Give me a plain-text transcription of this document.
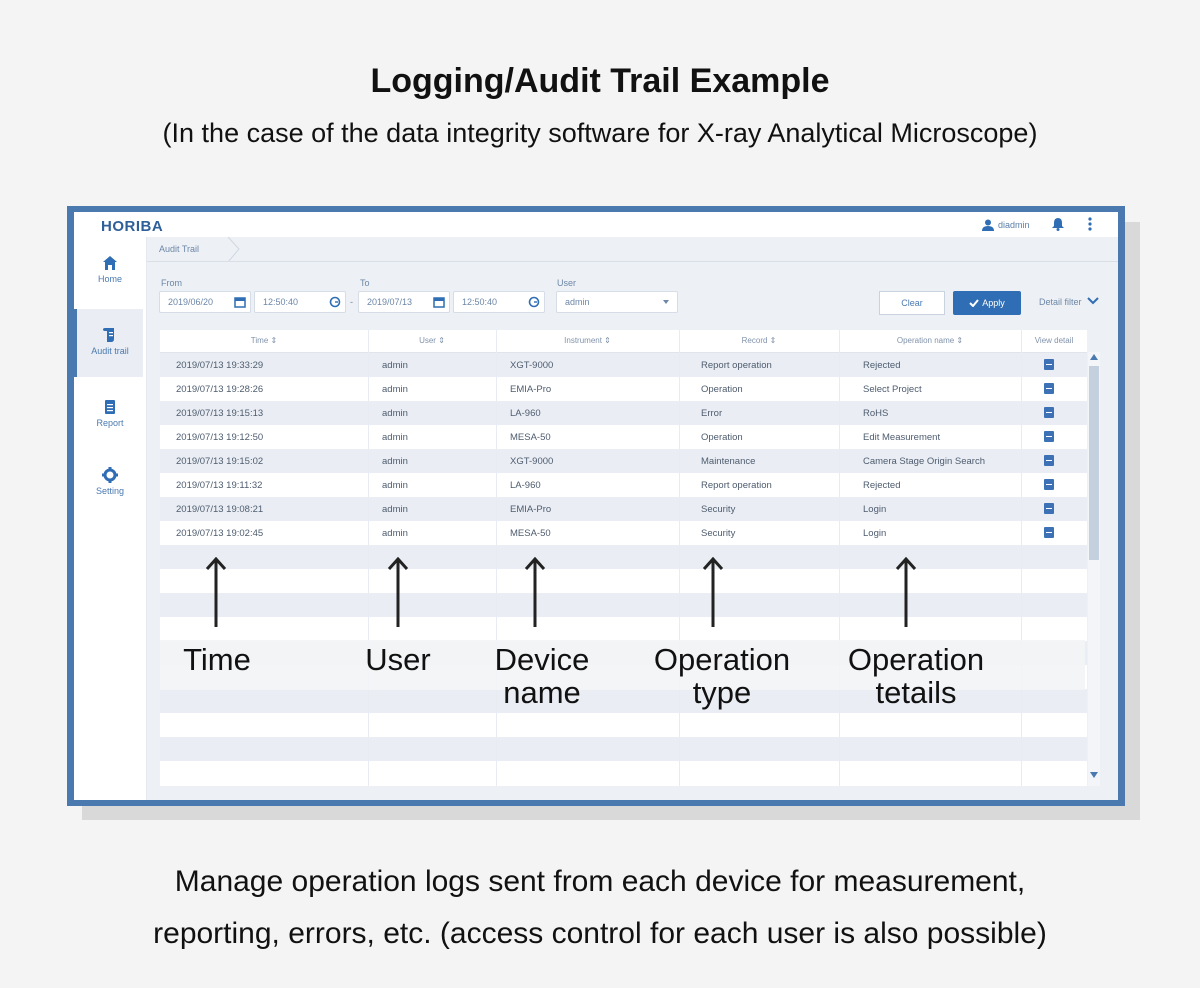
Logging/Audit Trail Example
(In the case of the data integrity software for X-ray Analytical Microscope)
HORIBA	diadmin
Home
Audit trail
Report
Setting
Audit Trail
From
2019/06/20	12:50:40	-
To
2019/07/13	12:50:40
User
admin	Clear	Apply	Detail filter
Time ⇕	User ⇕	Instrument ⇕	Record ⇕	Operation name ⇕	View detail
2019/07/13 19:33:29	admin	XGT-9000	Report operation	Rejected
2019/07/13 19:28:26	admin	EMIA-Pro	Operation	Select Project
2019/07/13 19:15:13	admin	LA-960	Error	RoHS
2019/07/13 19:12:50	admin	MESA-50	Operation	Edit Measurement
2019/07/13 19:15:02	admin	XGT-9000	Maintenance	Camera Stage Origin Search
2019/07/13 19:11:32	admin	LA-960	Report operation	Rejected
2019/07/13 19:08:21	admin	EMIA-Pro	Security	Login
2019/07/13 19:02:45	admin	MESA-50	Security	Login
Time	User	Device
name
Operation
type
Operation
tetails
Manage operation logs sent from each device for measurement,
reporting, errors, etc. (access control for each user is also possible)
